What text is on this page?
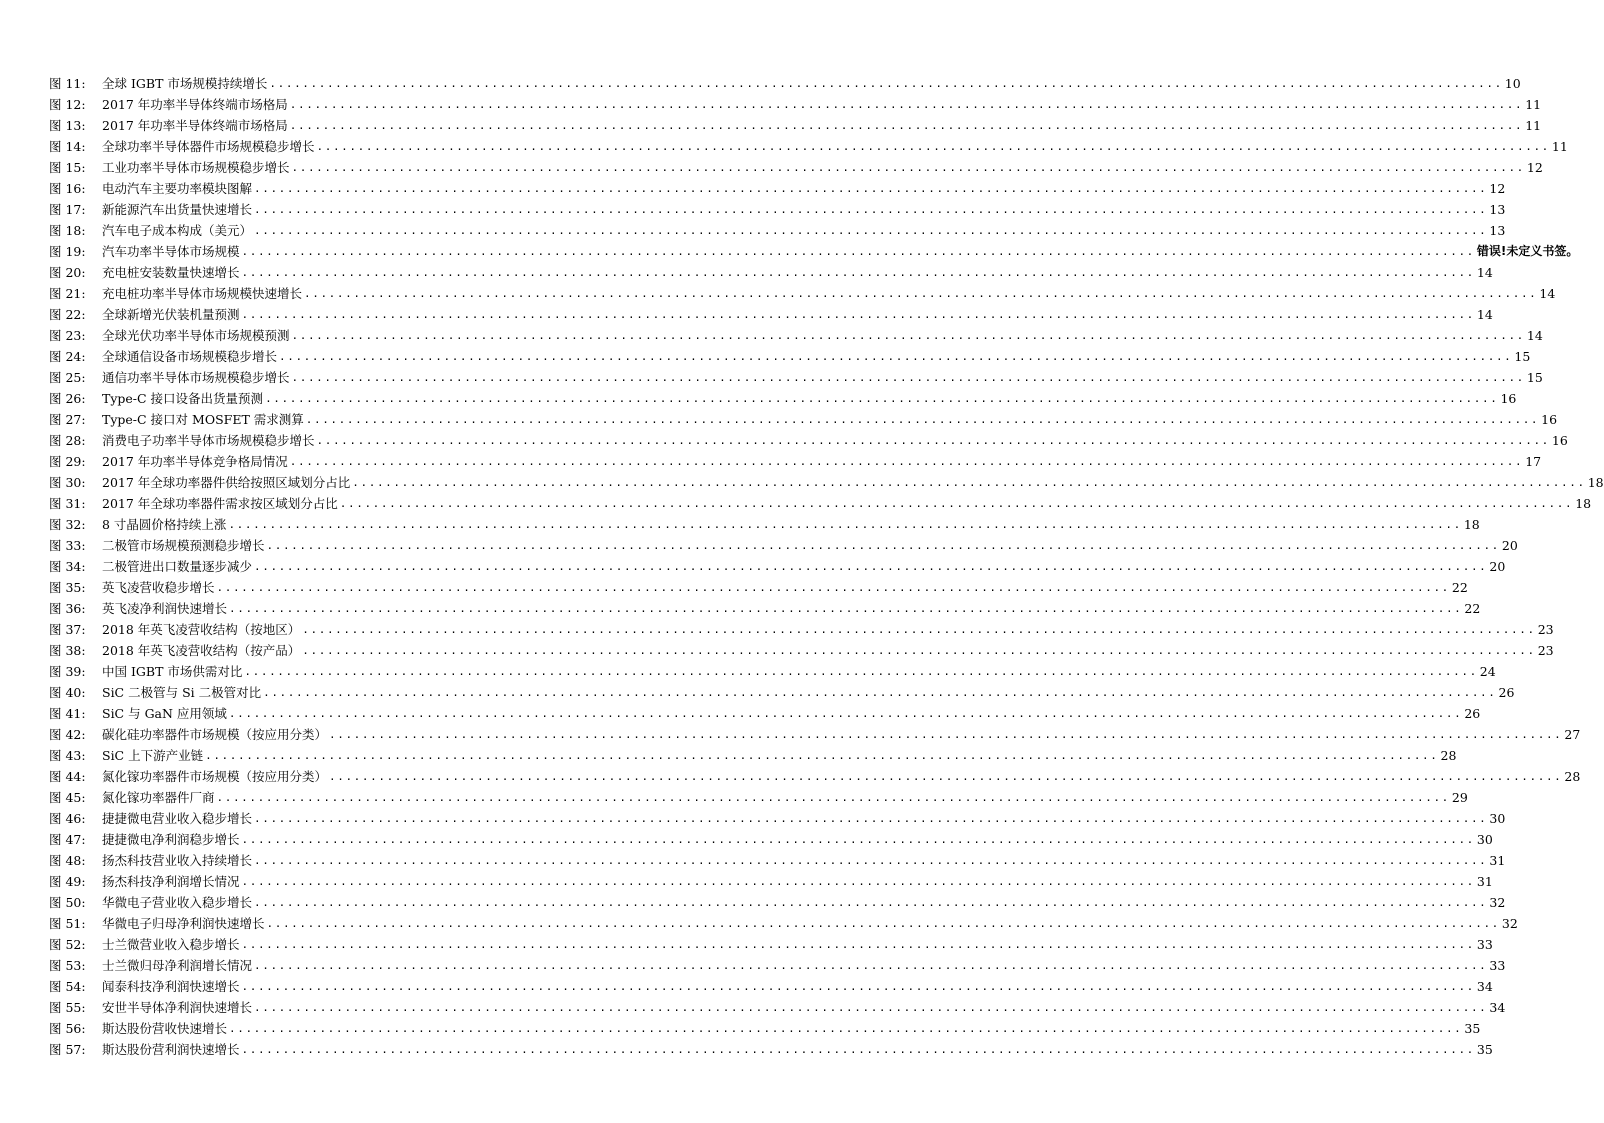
图 11:	全球 IGBT 市场规模持续增长 ...................................................................................................................................................... 10
图 12:	2017 年功率半导体终端市场格局 ...................................................................................................................................................... 11
图 13:	2017 年功率半导体终端市场格局 ...................................................................................................................................................... 11
图 14:	全球功率半导体器件市场规模稳步增长 ...................................................................................................................................................... 11
图 15:	工业功率半导体市场规模稳步增长 ...................................................................................................................................................... 12
图 16:	电动汽车主要功率模块图解 ...................................................................................................................................................... 12
图 17:	新能源汽车出货量快速增长 ...................................................................................................................................................... 13
图 18:	汽车电子成本构成（美元） ...................................................................................................................................................... 13
图 19:	汽车功率半导体市场规模 ...................................................................................................................................................... 错误!未定义书签。
图 20:	充电桩安装数量快速增长 ...................................................................................................................................................... 14
图 21:	充电桩功率半导体市场规模快速增长 ...................................................................................................................................................... 14
图 22:	全球新增光伏装机量预测 ...................................................................................................................................................... 14
图 23:	全球光伏功率半导体市场规模预测 ...................................................................................................................................................... 14
图 24:	全球通信设备市场规模稳步增长 ...................................................................................................................................................... 15
图 25:	通信功率半导体市场规模稳步增长 ...................................................................................................................................................... 15
图 26:	Type-C 接口设备出货量预测 ...................................................................................................................................................... 16
图 27:	Type-C 接口对 MOSFET 需求测算 ...................................................................................................................................................... 16
图 28:	消费电子功率半导体市场规模稳步增长 ...................................................................................................................................................... 16
图 29:	2017 年功率半导体竞争格局情况 ...................................................................................................................................................... 17
图 30:	2017 年全球功率器件供给按照区域划分占比 ...................................................................................................................................................... 18
图 31:	2017 年全球功率器件需求按区域划分占比 ...................................................................................................................................................... 18
图 32:	8 寸晶圆价格持续上涨 ...................................................................................................................................................... 18
图 33:	二极管市场规模预测稳步增长 ...................................................................................................................................................... 20
图 34:	二极管进出口数量逐步减少 ...................................................................................................................................................... 20
图 35:	英飞凌营收稳步增长 ...................................................................................................................................................... 22
图 36:	英飞凌净利润快速增长 ...................................................................................................................................................... 22
图 37:	2018 年英飞凌营收结构（按地区） ...................................................................................................................................................... 23
图 38:	2018 年英飞凌营收结构（按产品） ...................................................................................................................................................... 23
图 39:	中国 IGBT 市场供需对比 ...................................................................................................................................................... 24
图 40:	SiC 二极管与 Si 二极管对比 ...................................................................................................................................................... 26
图 41:	SiC 与 GaN 应用领域 ...................................................................................................................................................... 26
图 42:	碳化硅功率器件市场规模（按应用分类） ...................................................................................................................................................... 27
图 43:	SiC 上下游产业链 ...................................................................................................................................................... 28
图 44:	氮化镓功率器件市场规模（按应用分类） ...................................................................................................................................................... 28
图 45:	氮化镓功率器件厂商 ...................................................................................................................................................... 29
图 46:	捷捷微电营业收入稳步增长 ...................................................................................................................................................... 30
图 47:	捷捷微电净利润稳步增长 ...................................................................................................................................................... 30
图 48:	扬杰科技营业收入持续增长 ...................................................................................................................................................... 31
图 49:	扬杰科技净利润增长情况 ...................................................................................................................................................... 31
图 50:	华微电子营业收入稳步增长 ...................................................................................................................................................... 32
图 51:	华微电子归母净利润快速增长 ...................................................................................................................................................... 32
图 52:	士兰微营业收入稳步增长 ...................................................................................................................................................... 33
图 53:	士兰微归母净利润增长情况 ...................................................................................................................................................... 33
图 54:	闻泰科技净利润快速增长 ...................................................................................................................................................... 34
图 55:	安世半导体净利润快速增长 ...................................................................................................................................................... 34
图 56:	斯达股份营收快速增长 ...................................................................................................................................................... 35
图 57:	斯达股份营利润快速增长 ...................................................................................................................................................... 35
